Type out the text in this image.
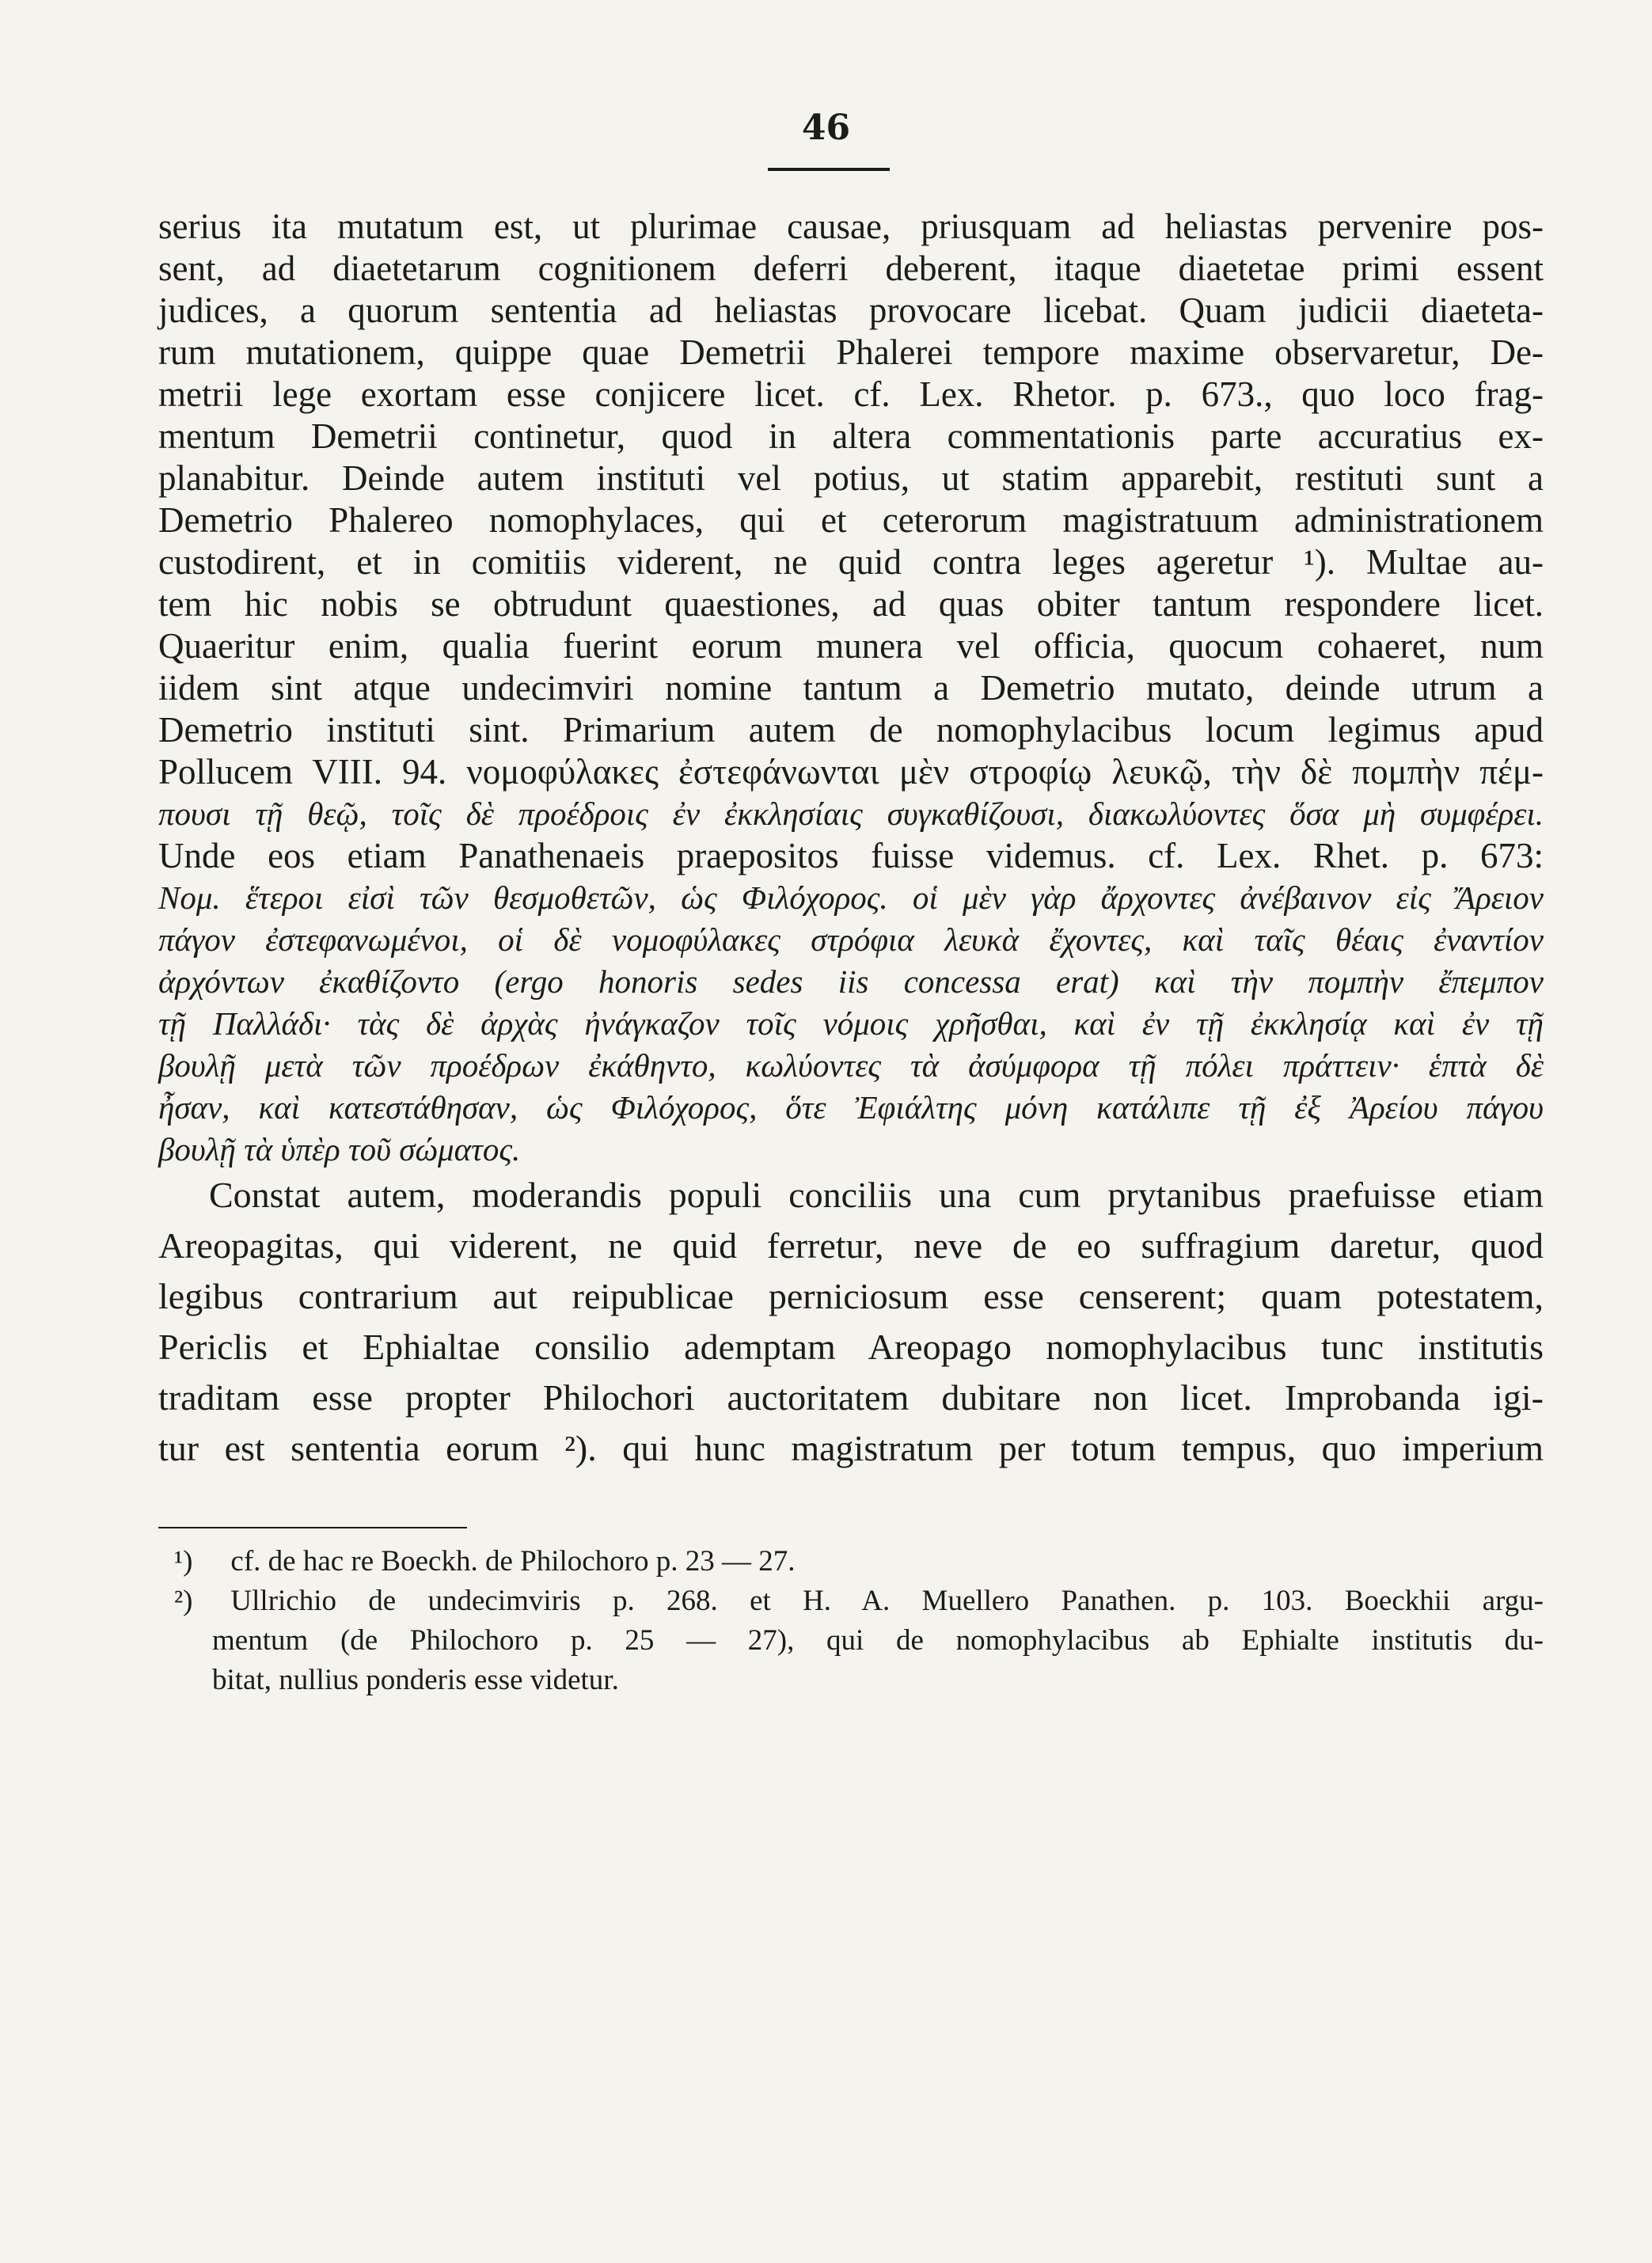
46
serius ita mutatum est, ut plurimae causae, priusquam ad heliastas pervenire pos-
sent, ad diaetetarum cognitionem deferri deberent, itaque diaetetae primi essent
judices, a quorum sententia ad heliastas provocare licebat. Quam judicii diaeteta-
rum mutationem, quippe quae Demetrii Phalerei tempore maxime observaretur, De-
metrii lege exortam esse conjicere licet. cf. Lex. Rhetor. p. 673., quo loco frag-
mentum Demetrii continetur, quod in altera commentationis parte accuratius ex-
planabitur. Deinde autem instituti vel potius, ut statim apparebit, restituti sunt a
Demetrio Phalereo nomophylaces, qui et ceterorum magistratuum administrationem
custodirent, et in comitiis viderent, ne quid contra leges ageretur ¹). Multae au-
tem hic nobis se obtrudunt quaestiones, ad quas obiter tantum respondere licet.
Quaeritur enim, qualia fuerint eorum munera vel officia, quocum cohaeret, num
iidem sint atque undecimviri nomine tantum a Demetrio mutato, deinde utrum a
Demetrio instituti sint. Primarium autem de nomophylacibus locum legimus apud
Pollucem VIII. 94. νομοφύλακες ἐστεφάνωνται μὲν στροφίῳ λευκῷ, τὴν δὲ πομπὴν πέμ-
πουσι τῇ θεῷ, τοῖς δὲ προέδροις ἐν ἐκκλησίαις συγκαθίζουσι, διακωλύοντες ὅσα μὴ συμφέρει.
Unde eos etiam Panathenaeis praepositos fuisse videmus. cf. Lex. Rhet. p. 673:
Νομ. ἕτεροι εἰσὶ τῶν θεσμοθετῶν, ὡς Φιλόχορος. οἱ μὲν γὰρ ἄρχοντες ἀνέβαινον εἰς Ἄρειον
πάγον ἐστεφανωμένοι, οἱ δὲ νομοφύλακες στρόφια λευκὰ ἔχοντες, καὶ ταῖς θέαις ἐναντίον
ἀρχόντων ἐκαθίζοντο (ergo honoris sedes iis concessa erat) καὶ τὴν πομπὴν ἔπεμπον
τῇ Παλλάδι· τὰς δὲ ἀρχὰς ἠνάγκαζον τοῖς νόμοις χρῆσθαι, καὶ ἐν τῇ ἐκκλησίᾳ καὶ ἐν τῇ
βουλῇ μετὰ τῶν προέδρων ἐκάθηντο, κωλύοντες τὰ ἀσύμφορα τῇ πόλει πράττειν· ἑπτὰ δὲ
ἦσαν, καὶ κατεστάθησαν, ὡς Φιλόχορος, ὅτε Ἐφιάλτης μόνη κατάλιπε τῇ ἐξ Ἀρείου πάγου
βουλῇ τὰ ὑπὲρ τοῦ σώματος.
Constat autem, moderandis populi conciliis una cum prytanibus praefuisse etiam
Areopagitas, qui viderent, ne quid ferretur, neve de eo suffragium daretur, quod
legibus contrarium aut reipublicae perniciosum esse censerent; quam potestatem,
Periclis et Ephialtae consilio ademptam Areopago nomophylacibus tunc institutis
traditam esse propter Philochori auctoritatem dubitare non licet. Improbanda igi-
tur est sententia eorum ²). qui hunc magistratum per totum tempus, quo imperium
¹) cf. de hac re Boeckh. de Philochoro p. 23 — 27.
²) Ullrichio de undecimviris p. 268. et H. A. Muellero Panathen. p. 103. Boeckhii argu-
mentum (de Philochoro p. 25 — 27), qui de nomophylacibus ab Ephialte institutis du-
bitat, nullius ponderis esse videtur.
